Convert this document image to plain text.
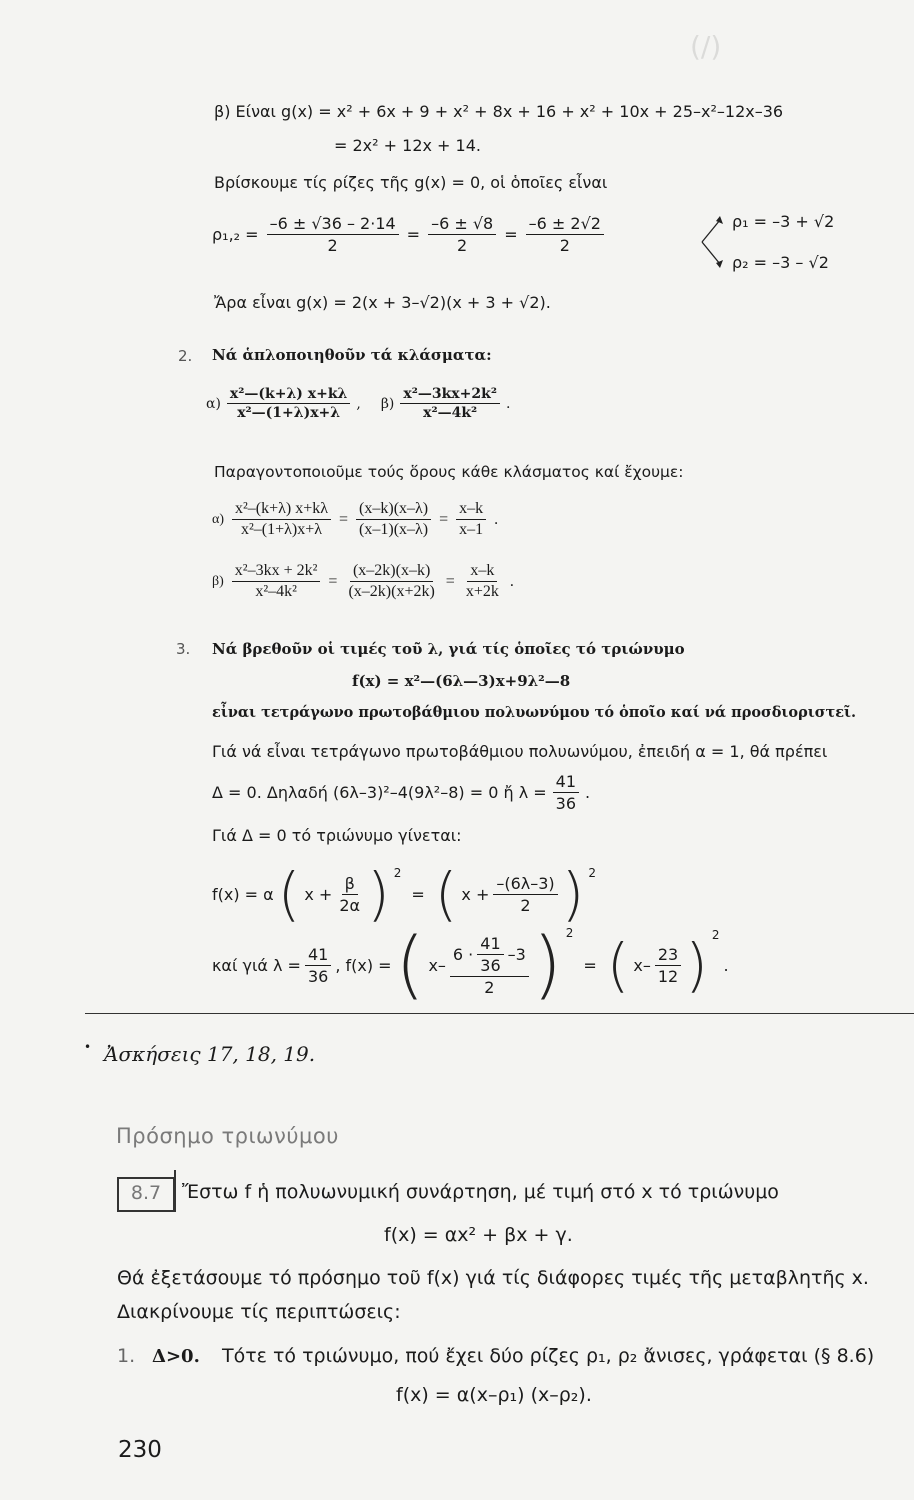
(/)
β) Είναι g(x) = x² + 6x + 9 + x² + 8x + 16 + x² + 10x + 25–x²–12x–36
= 2x² + 12x + 14.
Βρίσκουμε τίς ρίζες τῆς g(x) = 0, οἱ ὁποῖες εἶναι
$\rho_1,_2 = \frac{-6 \pm √36 - 2\cdot 14}{2} = \frac{-6 \pm √8}{2} = \frac{-6 \pm 2√2}{2}$	ρ₁ = –3 + √2
ρ₂ = –3 – √2
Ἄρα εἶναι g(x) = 2(x + 3–√2)(x + 3 + √2).
2. Νά ἁπλοποιηθοῦν τά κλάσματα:
$\alpha) \frac{\text{x²—(k+λ) x+kλ}}{\text{x²—(1+λ)x+λ}}$ , $\beta) \frac{\text{x²—3kx+2k²}}{\text{x²—4k²}}$ .
Παραγοντοποιοῦμε τούς ὅρους κάθε κλάσματος καί ἔχουμε:
$\alpha) \frac{\text{x²–(k+λ) x+kλ}}{\text{x²–(1+λ)x+λ}} = \frac{(x-k)(x-\lambda)}{(x-1)(x-\lambda)} = \frac{x-k}{x-1}$ .
$\beta) \frac{\text{x²–3kx + 2k²}}{\text{x²–4k²}} = \frac{(x-2k)(x-k)}{(x-2k)(x+2k)} = \frac{x-k}{x+2k}$ .
3. Νά βρεθοῦν οἱ τιμές τοῦ λ, γιά τίς ὁποῖες τό τριώνυμο
f(x) = x²—(6λ—3)x+9λ²—8
εἶναι τετράγωνο πρωτοβάθμιου πολυωνύμου τό ὁποῖο καί νά προσδιοριστεῖ.
Γιά νά εἶναι τετράγωνο πρωτοβάθμιου πολυωνύμου, ἐπειδή α = 1, θά πρέπει
Δ = 0. Δηλαδή (6λ–3)²–4(9λ²–8) = 0 ἤ $\lambda = \frac{41}{36}$ .
Γιά Δ = 0 τό τριώνυμο γίνεται:
f(x) = α ( $x + \frac{\beta}{2\alpha}$ ) $^2$
= ( $x + \frac{-(6\lambda-3)}{2}$ ) $^2$
καί γιά $\lambda = \frac{41}{36}$ , f(x) = ( $x- \frac{6 \cdot \frac{41}{36} -3}{2}$ ) $^2$
= ( $x- \frac{23}{12}$ ) $^2$
.
• Ἀσκήσεις 17, 18, 19.
Πρόσημο τριωνύμου
8.7	Ἔστω f ἡ πολυωνυμική συνάρτηση, μέ τιμή στό x τό τριώνυμο
f(x) = αx² + βx + γ.
Θά ἐξετάσουμε τό πρόσημο τοῦ f(x) γιά τίς διάφορες τιμές τῆς μεταβλητῆς x.
Διακρίνουμε τίς περιπτώσεις:
1. Δ>0. Τότε τό τριώνυμο, πού ἔχει δύο ρίζες ρ₁, ρ₂ ἄνισες, γράφεται (§ 8.6)
f(x) = α(x–ρ₁) (x–ρ₂).
230
